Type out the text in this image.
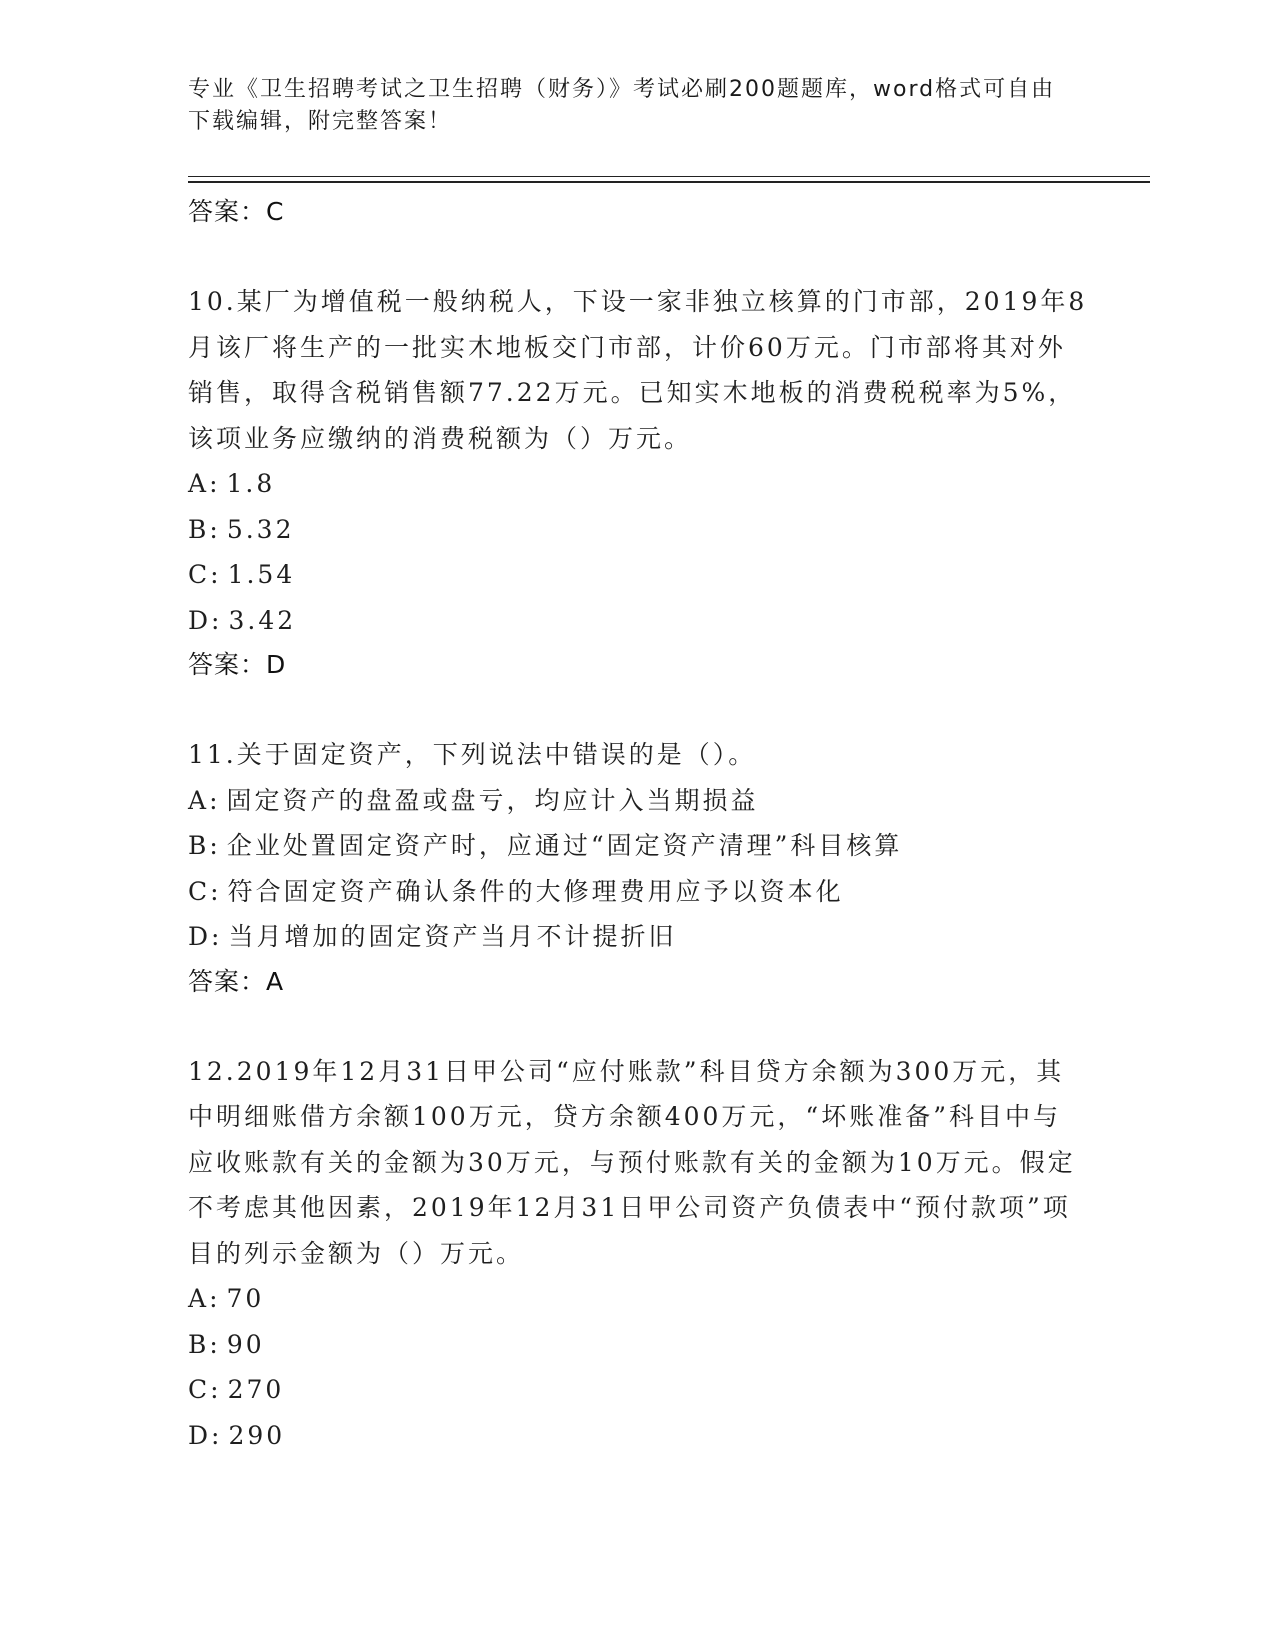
专业《卫生招聘考试之卫生招聘（财务）》考试必刷200题题库，word格式可自由下载编辑，附完整答案！
答案：C

10.某厂为增值税一般纳税人，下设一家非独立核算的门市部，2019年8月该厂将生产的一批实木地板交门市部，计价60万元。门市部将其对外销售，取得含税销售额77.22万元。已知实木地板的消费税税率为5%，该项业务应缴纳的消费税额为（）万元。

A: 1.8
B: 5.32
C: 1.54
D: 3.42
答案：D

11.关于固定资产，下列说法中错误的是（）。

A: 固定资产的盘盈或盘亏，均应计入当期损益
B: 企业处置固定资产时，应通过“固定资产清理”科目核算
C: 符合固定资产确认条件的大修理费用应予以资本化
D: 当月增加的固定资产当月不计提折旧
答案：A

12.2019年12月31日甲公司“应付账款”科目贷方余额为300万元，其中明细账借方余额100万元，贷方余额400万元，“坏账准备”科目中与应收账款有关的金额为30万元，与预付账款有关的金额为10万元。假定不考虑其他因素，2019年12月31日甲公司资产负债表中“预付款项”项目的列示金额为（）万元。

A: 70
B: 90
C: 270
D: 290
